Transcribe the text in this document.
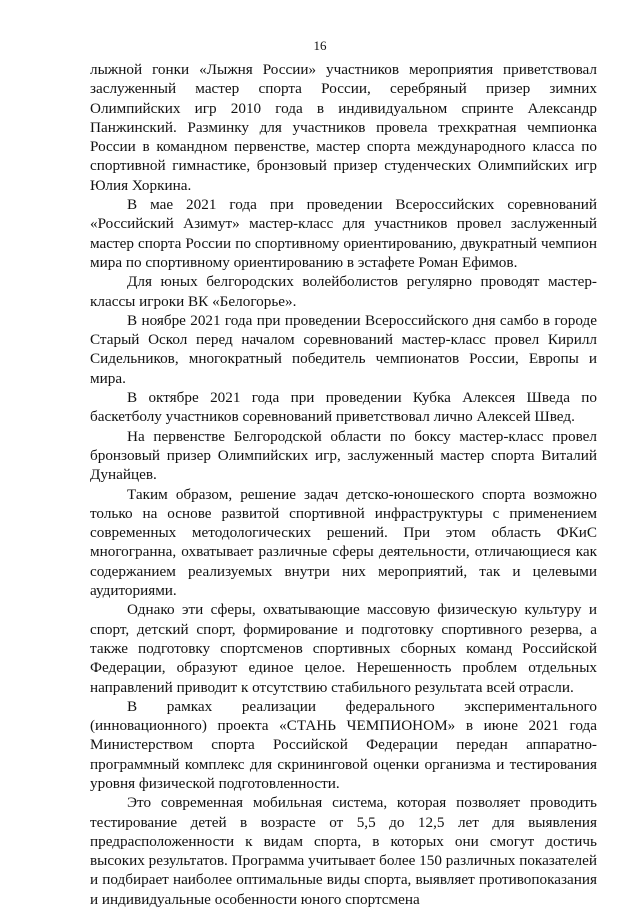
16

лыжной гонки «Лыжня России» участников мероприятия приветствовал заслуженный мастер спорта России, серебряный призер зимних Олимпийских игр 2010 года в индивидуальном спринте Александр Панжинский. Разминку для участников провела трехкратная чемпионка России в командном первенстве, мастер спорта международного класса по спортивной гимнастике, бронзовый призер студенческих Олимпийских игр Юлия Хоркина.

В мае 2021 года при проведении Всероссийских соревнований «Российский Азимут» мастер-класс для участников провел заслуженный мастер спорта России по спортивному ориентированию, двукратный чемпион мира по спортивному ориентированию в эстафете Роман Ефимов.

Для юных белгородских волейболистов регулярно проводят мастер-классы игроки ВК «Белогорье».

В ноябре 2021 года при проведении Всероссийского дня самбо в городе Старый Оскол перед началом соревнований мастер-класс провел Кирилл Сидельников, многократный победитель чемпионатов России, Европы и мира.

В октябре 2021 года при проведении Кубка Алексея Шведа по баскетболу участников соревнований приветствовал лично Алексей Швед.

На первенстве Белгородской области по боксу мастер-класс провел бронзовый призер Олимпийских игр, заслуженный мастер спорта Виталий Дунайцев.

Таким образом, решение задач детско-юношеского спорта возможно только на основе развитой спортивной инфраструктуры с применением современных методологических решений. При этом область ФКиС многогранна, охватывает различные сферы деятельности, отличающиеся как содержанием реализуемых внутри них мероприятий, так и целевыми аудиториями.

Однако эти сферы, охватывающие массовую физическую культуру и спорт, детский спорт, формирование и подготовку спортивного резерва, а также подготовку спортсменов спортивных сборных команд Российской Федерации, образуют единое целое. Нерешенность проблем отдельных направлений приводит к отсутствию стабильного результата всей отрасли.

В рамках реализации федерального экспериментального (инновационного) проекта «СТАНЬ ЧЕМПИОНОМ» в июне 2021 года Министерством спорта Российской Федерации передан аппаратно-программный комплекс для скрининговой оценки организма и тестирования уровня физической подготовленности.

Это современная мобильная система, которая позволяет проводить тестирование детей в возрасте от 5,5 до 12,5 лет для выявления предрасположенности к видам спорта, в которых они смогут достичь высоких результатов. Программа учитывает более 150 различных показателей и подбирает наиболее оптимальные виды спорта, выявляет противопоказания и индивидуальные особенности юного спортсмена
